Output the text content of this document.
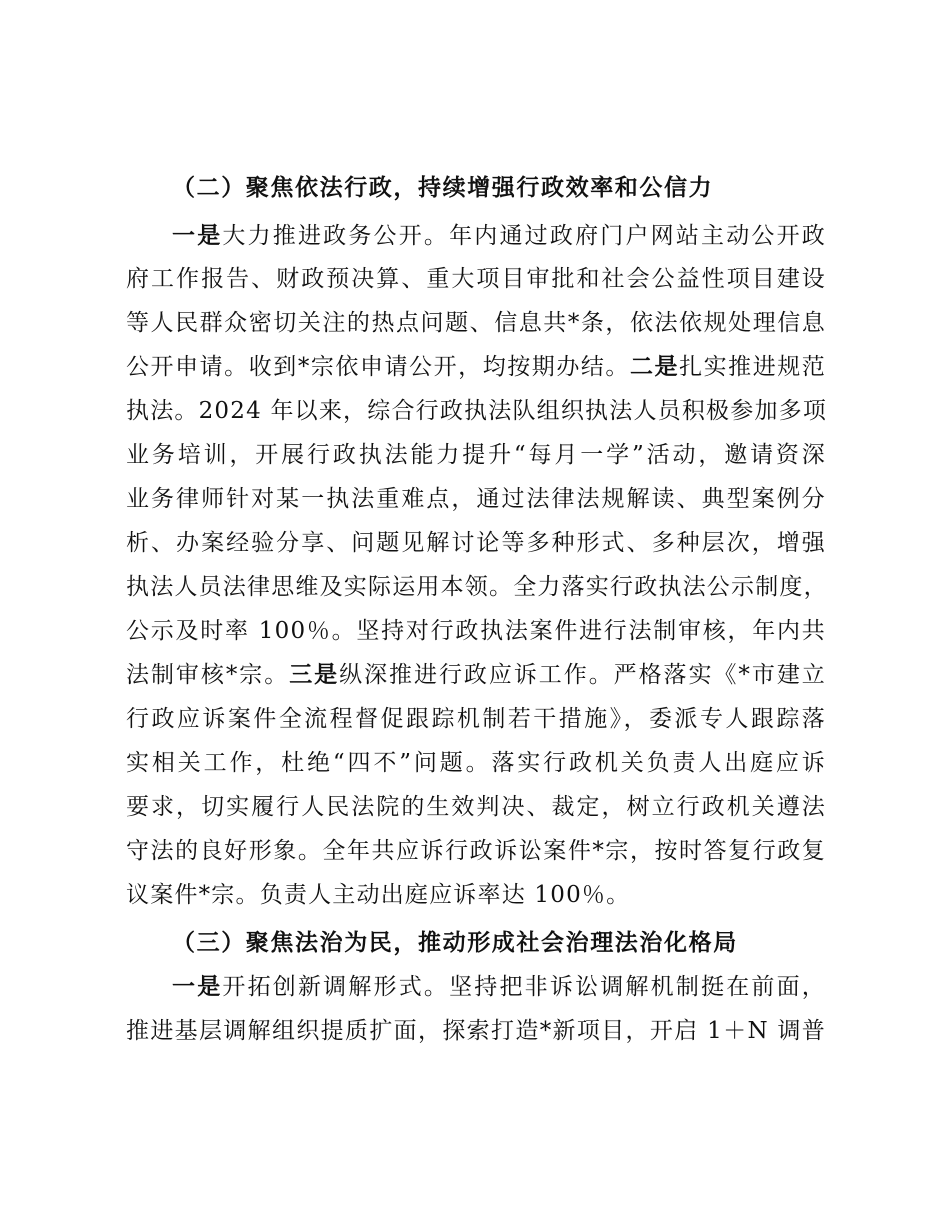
（二）聚焦依法行政，持续增强行政效率和公信力
一是大力推进政务公开。年内通过政府门户网站主动公开政
府工作报告、财政预决算、重大项目审批和社会公益性项目建设
等人民群众密切关注的热点问题、信息共*条，依法依规处理信息
公开申请。收到*宗依申请公开，均按期办结。二是扎实推进规范
执法。2024 年以来，综合行政执法队组织执法人员积极参加多项
业务培训，开展行政执法能力提升“每月一学”活动，邀请资深
业务律师针对某一执法重难点，通过法律法规解读、典型案例分
析、办案经验分享、问题见解讨论等多种形式、多种层次，增强
执法人员法律思维及实际运用本领。全力落实行政执法公示制度，
公示及时率 100％。坚持对行政执法案件进行法制审核，年内共
法制审核*宗。三是纵深推进行政应诉工作。严格落实《*市建立
行政应诉案件全流程督促跟踪机制若干措施》，委派专人跟踪落
实相关工作，杜绝“四不”问题。落实行政机关负责人出庭应诉
要求，切实履行人民法院的生效判决、裁定，树立行政机关遵法
守法的良好形象。全年共应诉行政诉讼案件*宗，按时答复行政复
议案件*宗。负责人主动出庭应诉率达 100％。
（三）聚焦法治为民，推动形成社会治理法治化格局
一是开拓创新调解形式。坚持把非诉讼调解机制挺在前面，
推进基层调解组织提质扩面，探索打造*新项目，开启 1＋N 调普
